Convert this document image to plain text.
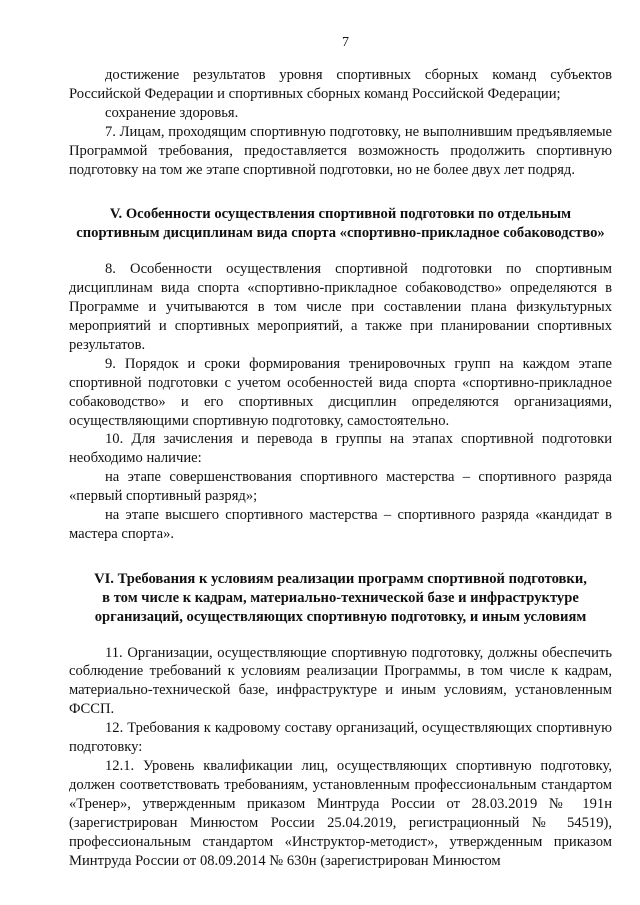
7

достижение результатов уровня спортивных сборных команд субъектов Российской Федерации и спортивных сборных команд Российской Федерации;

сохранение здоровья.

7. Лицам, проходящим спортивную подготовку, не выполнившим предъявляемые Программой требования, предоставляется возможность продолжить спортивную подготовку на том же этапе спортивной подготовки, но не более двух лет подряд.

V. Особенности осуществления спортивной подготовки по отдельным
спортивным дисциплинам вида спорта «спортивно-прикладное собаководство»

8. Особенности осуществления спортивной подготовки по спортивным дисциплинам вида спорта «спортивно-прикладное собаководство» определяются в Программе и учитываются в том числе при составлении плана физкультурных мероприятий и спортивных мероприятий, а также при планировании спортивных результатов.

9. Порядок и сроки формирования тренировочных групп на каждом этапе спортивной подготовки с учетом особенностей вида спорта «спортивно-прикладное собаководство» и его спортивных дисциплин определяются организациями, осуществляющими спортивную подготовку, самостоятельно.

10. Для зачисления и перевода в группы на этапах спортивной подготовки необходимо наличие:

на этапе совершенствования спортивного мастерства – спортивного разряда «первый спортивный разряд»;

на этапе высшего спортивного мастерства – спортивного разряда «кандидат в мастера спорта».

VI. Требования к условиям реализации программ спортивной подготовки,
в том числе к кадрам, материально-технической базе и инфраструктуре
организаций, осуществляющих спортивную подготовку, и иным условиям

11. Организации, осуществляющие спортивную подготовку, должны обеспечить соблюдение требований к условиям реализации Программы, в том числе к кадрам, материально-технической базе, инфраструктуре и иным условиям, установленным ФССП.

12. Требования к кадровому составу организаций, осуществляющих спортивную подготовку:

12.1. Уровень квалификации лиц, осуществляющих спортивную подготовку, должен соответствовать требованиям, установленным профессиональным стандартом «Тренер», утвержденным приказом Минтруда России от 28.03.2019 № 191н (зарегистрирован Минюстом России 25.04.2019, регистрационный № 54519), профессиональным стандартом «Инструктор-методист», утвержденным приказом Минтруда России от 08.09.2014 № 630н (зарегистрирован Минюстом
